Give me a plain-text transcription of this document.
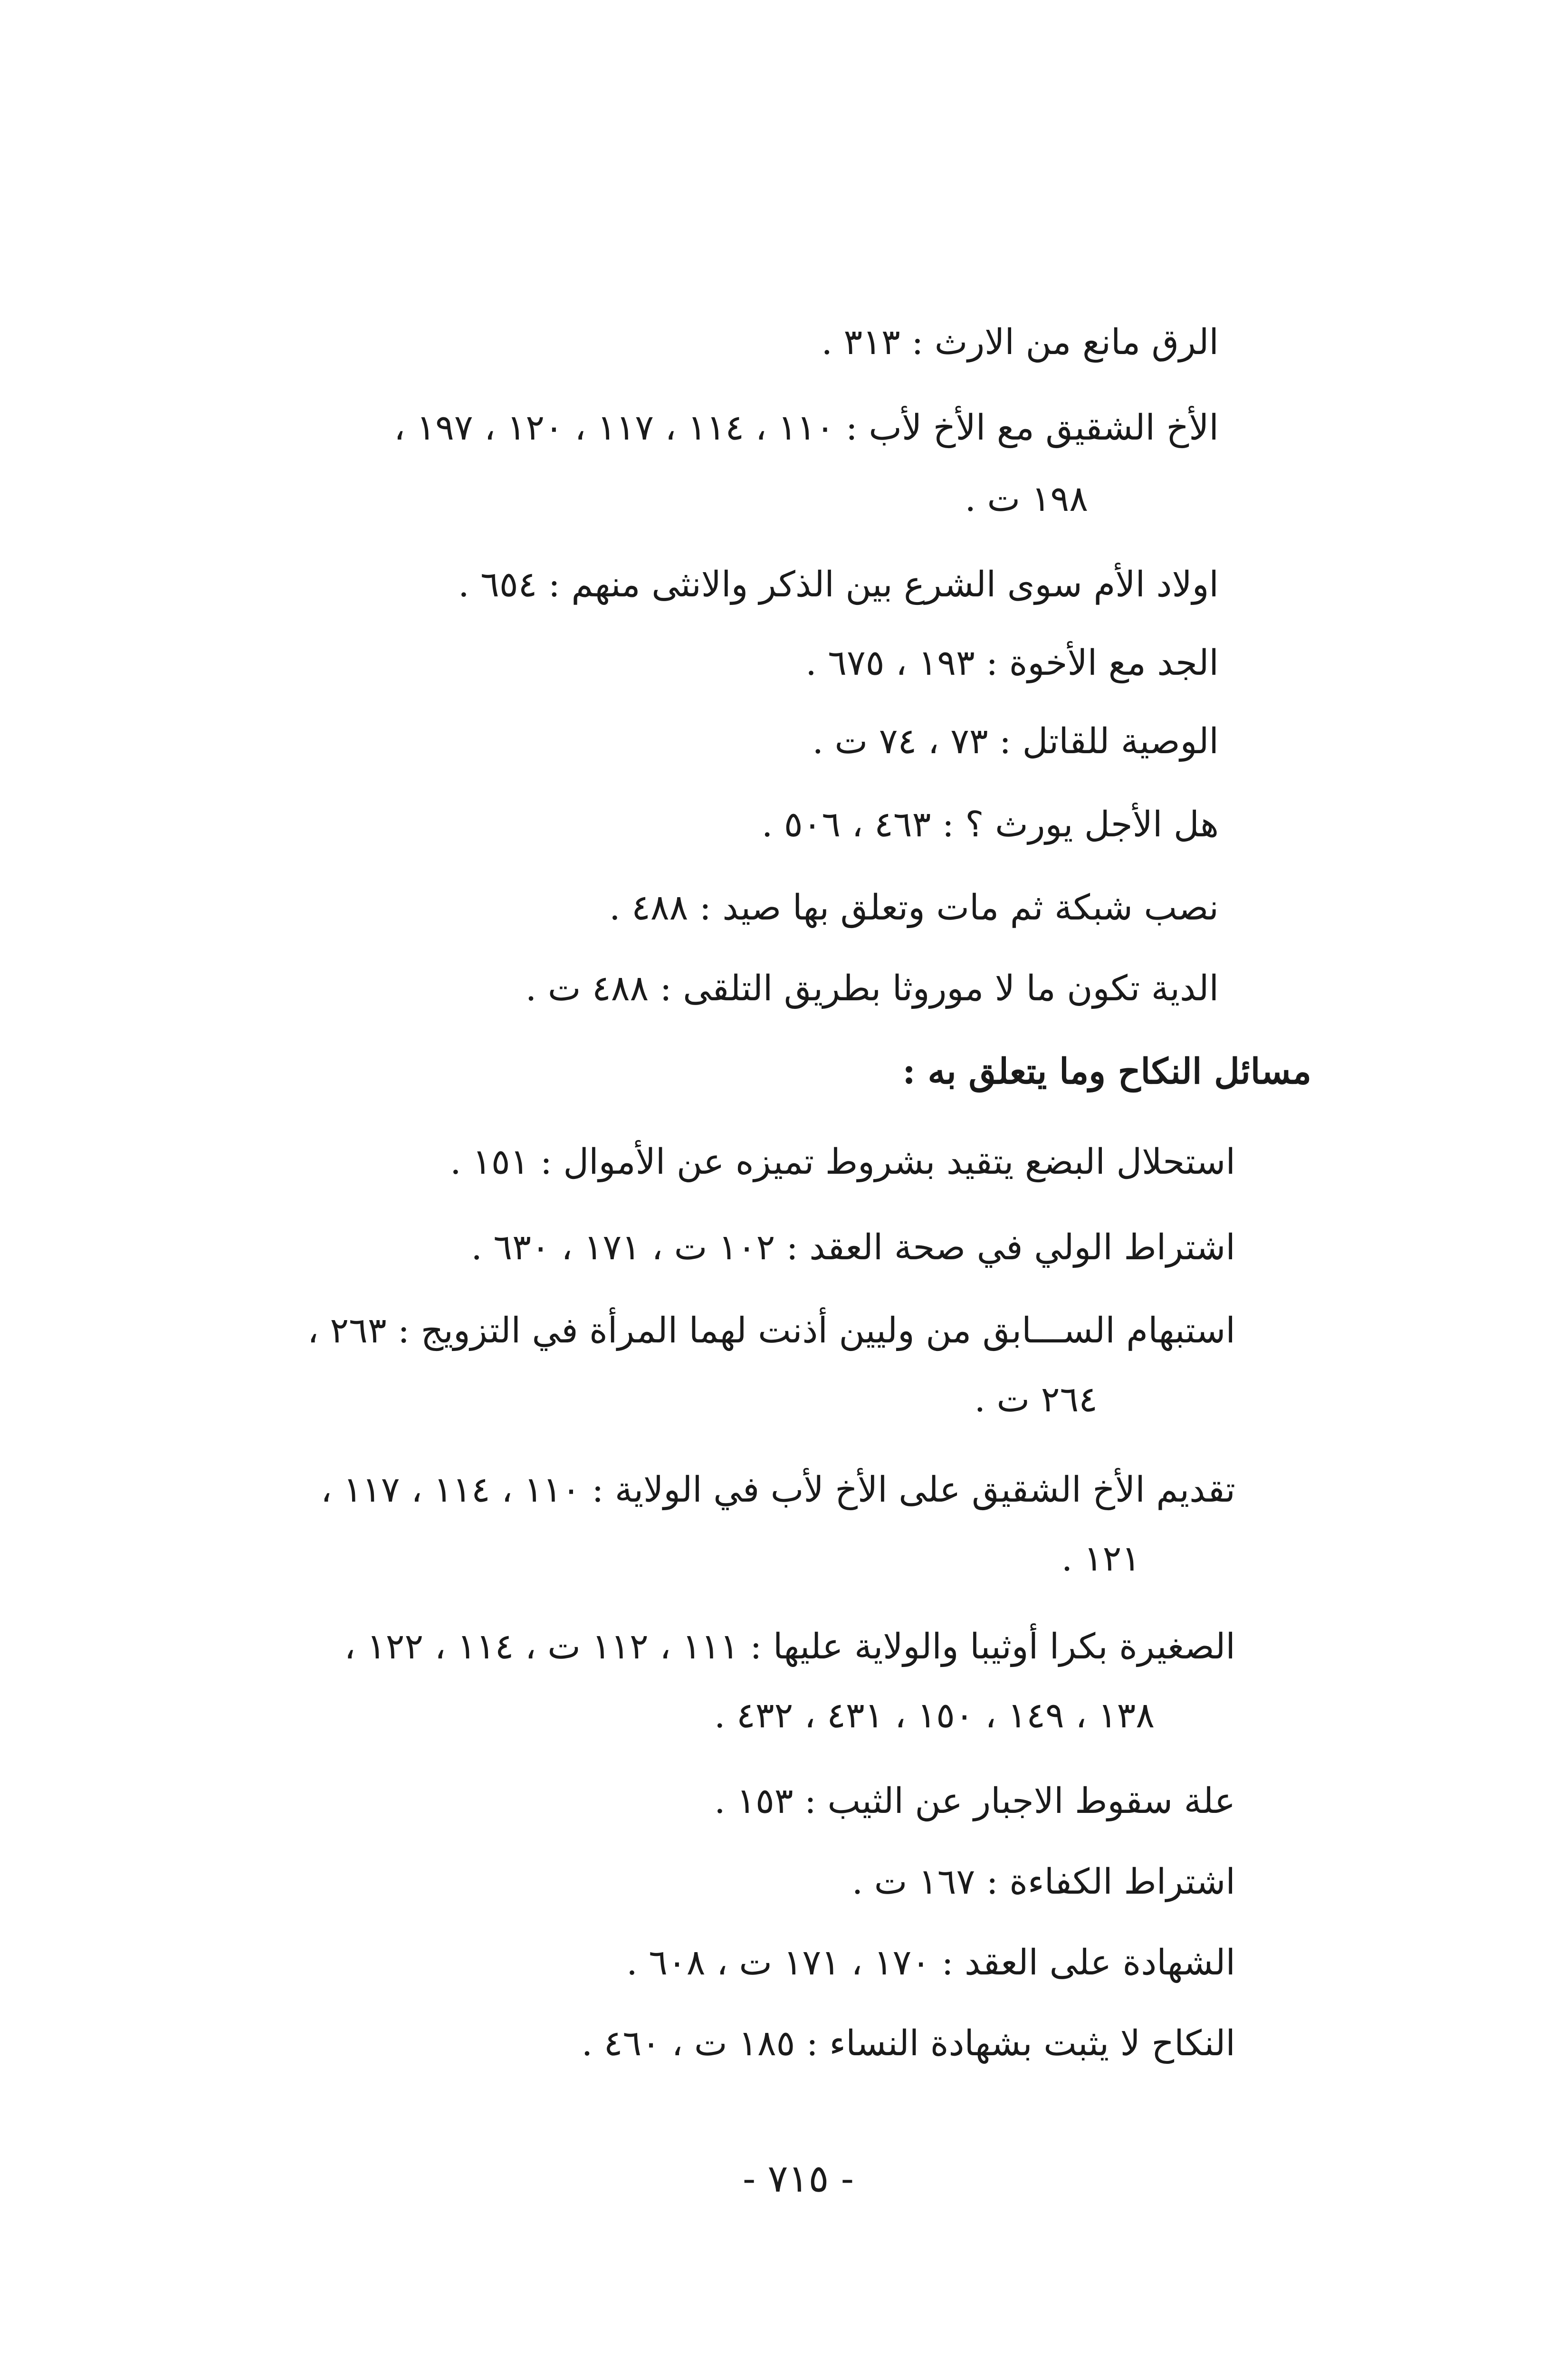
الرق مانع من الارث : ٣١٣ .
الأخ الشقيق مع الأخ لأب : ١١٠ ، ١١٤ ، ١١٧ ، ١٢٠ ، ١٩٧ ،
١٩٨ ت .
اولاد الأم سوى الشرع بين الذكر والانثى منهم : ٦٥٤ .
الجد مع الأخوة : ١٩٣ ، ٦٧٥ .
الوصية للقاتل : ٧٣ ، ٧٤ ت .
هل الأجل يورث ؟ : ٤٦٣ ، ٥٠٦ .
نصب شبكة ثم مات وتعلق بها صيد : ٤٨٨ .
الدية تكون ما لا موروثا بطريق التلقى : ٤٨٨ ت .
مسائل النكاح وما يتعلق به :
استحلال البضع يتقيد بشروط تميزه عن الأموال : ١٥١ .
اشتراط الولي في صحة العقد : ١٠٢ ت ، ١٧١ ، ٦٣٠ .
استبهام الســـابق من وليين أذنت لهما المرأة في التزويج : ٢٦٣ ،
٢٦٤ ت .
تقديم الأخ الشقيق على الأخ لأب في الولاية : ١١٠ ، ١١٤ ، ١١٧ ،
١٢١ .
الصغيرة بكرا أوثيبا والولاية عليها : ١١١ ، ١١٢ ت ، ١١٤ ، ١٢٢ ،
١٣٨ ، ١٤٩ ، ١٥٠ ، ٤٣١ ، ٤٣٢ .
علة سقوط الاجبار عن الثيب : ١٥٣ .
اشتراط الكفاءة : ١٦٧ ت .
الشهادة على العقد : ١٧٠ ، ١٧١ ت ، ٦٠٨ .
النكاح لا يثبت بشهادة النساء : ١٨٥ ت ، ٤٦٠ .
- ٧١٥ -
